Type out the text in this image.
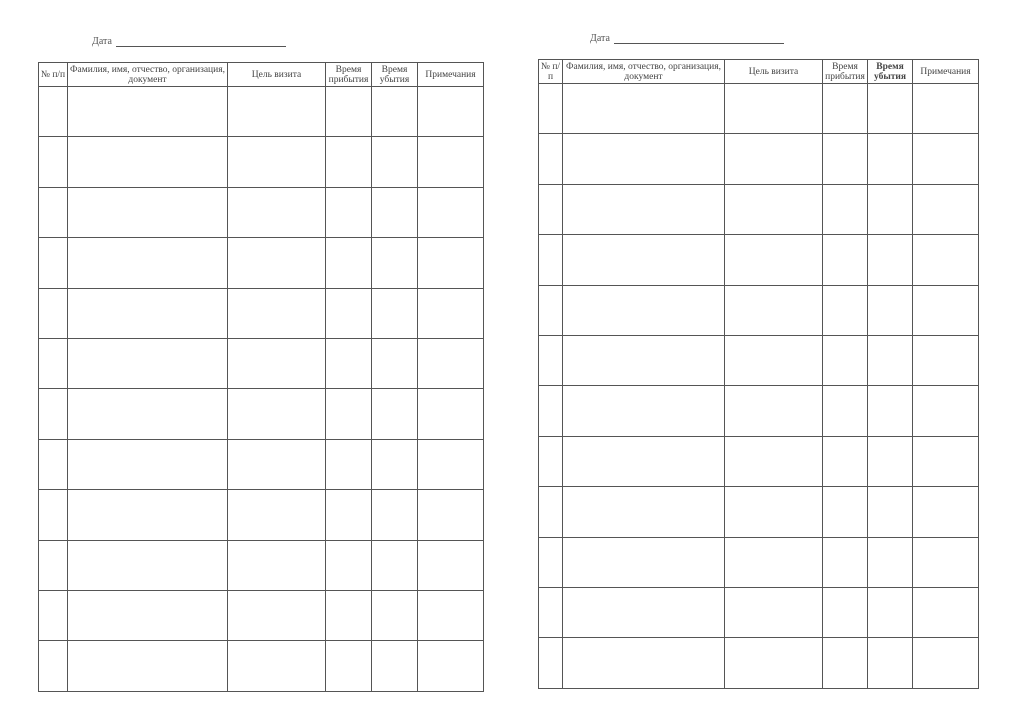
Дата
№ п/п	Фамилия, имя, отчество, организация, документ	Цель визита	Время прибытия	Время убытия	Примечания

Дата
№ п/п	Фамилия, имя, отчество, организация, документ	Цель визита	Время прибытия	Время убытия	Примечания
